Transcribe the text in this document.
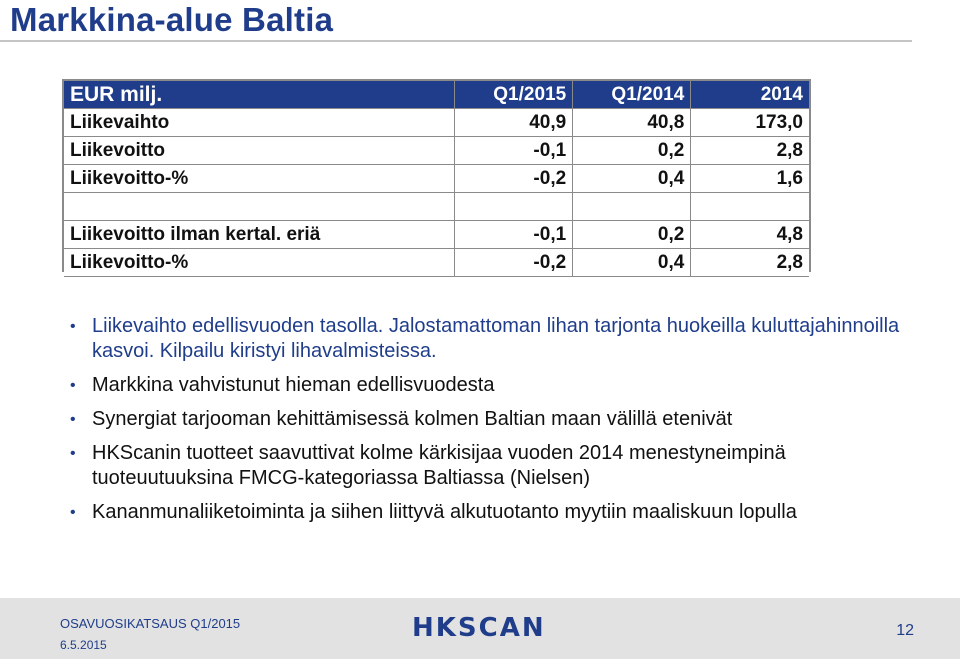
Markkina-alue Baltia
EUR milj.	Q1/2015	Q1/2014	2014
Liikevaihto	40,9	40,8	173,0
Liikevoitto	-0,1	0,2	2,8
Liikevoitto-%	-0,2	0,4	1,6

Liikevoitto ilman kertal. eriä	-0,1	0,2	4,8
Liikevoitto-%	-0,2	0,4	2,8
• Liikevaihto edellisvuoden tasolla. Jalostamattoman lihan tarjonta huokeilla kuluttajahinnoilla kasvoi. Kilpailu kiristyi lihavalmisteissa.
• Markkina vahvistunut hieman edellisvuodesta
• Synergiat tarjooman kehittämisessä kolmen Baltian maan välillä etenivät
• HKScanin tuotteet saavuttivat kolme kärkisijaa vuoden 2014 menestyneimpinä tuoteuutuuksina FMCG-kategoriassa Baltiassa (Nielsen)
• Kananmunaliiketoiminta ja siihen liittyvä alkutuotanto myytiin maaliskuun lopulla
OSAVUOSIKATSAUS Q1/2015
6.5.2015
HKSCAN	12
